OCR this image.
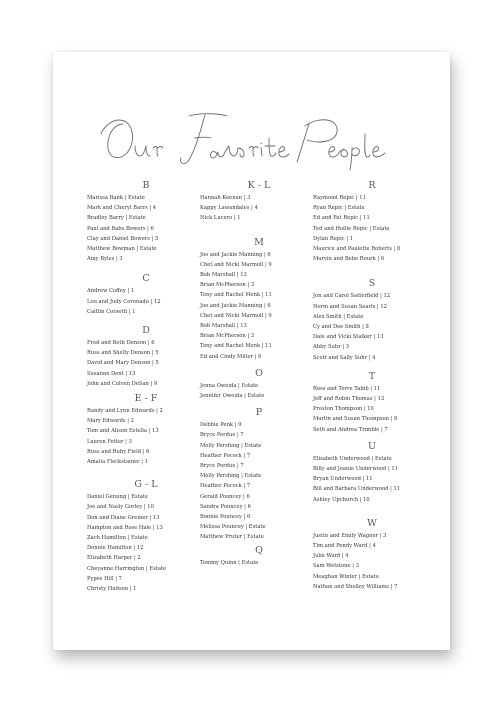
B
Marissa Bank | Estate
Mark and Cheryl Barrs | 4
Bradley Barry | Estate
Paul and Babs Bowers | 6
Clay and Daniel Bowers | 5
Matthew Bowman | Estate
Amy Byles | 3
C
Andrew Coffey | 1
Lou and Judy Coronado | 12
Caitlin Corsetti | 1
D
Fred and Beth Denson | 6
Russ and Shelly Denson | 5
David and Mary Denson | 5
Susanne Dent | 13
John and Colven DeSan | 9
E - F
Randy and Lynn Edwards | 2
Mary Edwards | 2
Tom and Alison Estella | 13
Lauren Fetter | 3
Russ and Ruby Field | 6
Amalia Fleckstainer | 1
G - L
Daniel Genung | Estate
Joe and Nasly Gorley | 10
Don and Diane Greiner | 13
Hampton and Rose Hale | 13
Zach Hamilton | Estate
Donnie Hamilton | 12
Elizabeth Harper | 2
Cheyanne Harrington | Estate
Pypes Hill | 7
Christy Hudson | 1
K - L
Hannah Keenan | 3
Kappy Lawandales | 4
Nick Lucero | 1
M
Joe and Jackie Manning | 6
Chet and Nicki Marmoll | 9
Bob Marshall | 13
Brian McPherson | 3
Tony and Rachel Menk | 11
Joe and Jackie Manning | 6
Chet and Nicki Marmoll | 9
Bob Marshall | 13
Brian McPherson | 3
Tony and Rachel Menk | 11
Ed and Cindy Miller | 9
O
Jenna Oweida | Estate
Jennifer Oweida | Estate
P
Debbie Penk | 9
Bryce Perdue | 7
Molly Pershing | Estate
Heather Pocock | 7
Bryce Perdue | 7
Molly Pershing | Estate
Heather Pocock | 7
Gerald Pouncey | 6
Sandra Pouncey | 6
Bonnie Pouncey | 6
Melissa Pouncey | Estate
Matthew Pruter | Estate
Q
Tommy Quinn | Estate
R
Raymond Repic | 11
Ryan Repic | Estate
Ed and Pat Repic | 11
Ted and Hollie Repic | Estate
Dylan Repic | 1
Maurice and Paulette Roberts | 8
Marvin and Bebe Rourk | 6
S
Jon and Carol Satterfield | 12
Norm and Susan Searls | 12
Alex Smith | Estate
Cy and Dee Smith | 8
Dale and Vicki Stalker | 13
Abby Suhr | 3
Scott and Sally Suhr | 4
T
Ross and Terre Tabib | 11
Jeff and Robin Thomas | 13
Preston Thompson | 10
Martin and Susan Thompson | 8
Seth and Andrea Trimble | 7
U
Elisabeth Underwood | Estate
Billy and Jeanie Underwood | 11
Bryan Underwood | 11
Bill and Barbara Underwood | 11
Ashley Upchurch | 10
W
Justin and Emily Wagner | 3
Tim and Pendy Ward | 4
Julie Ward | 4
Sam Wetstone | 3
Meaghan Winter | Estate
Nathan and Shelley Williams | 7
